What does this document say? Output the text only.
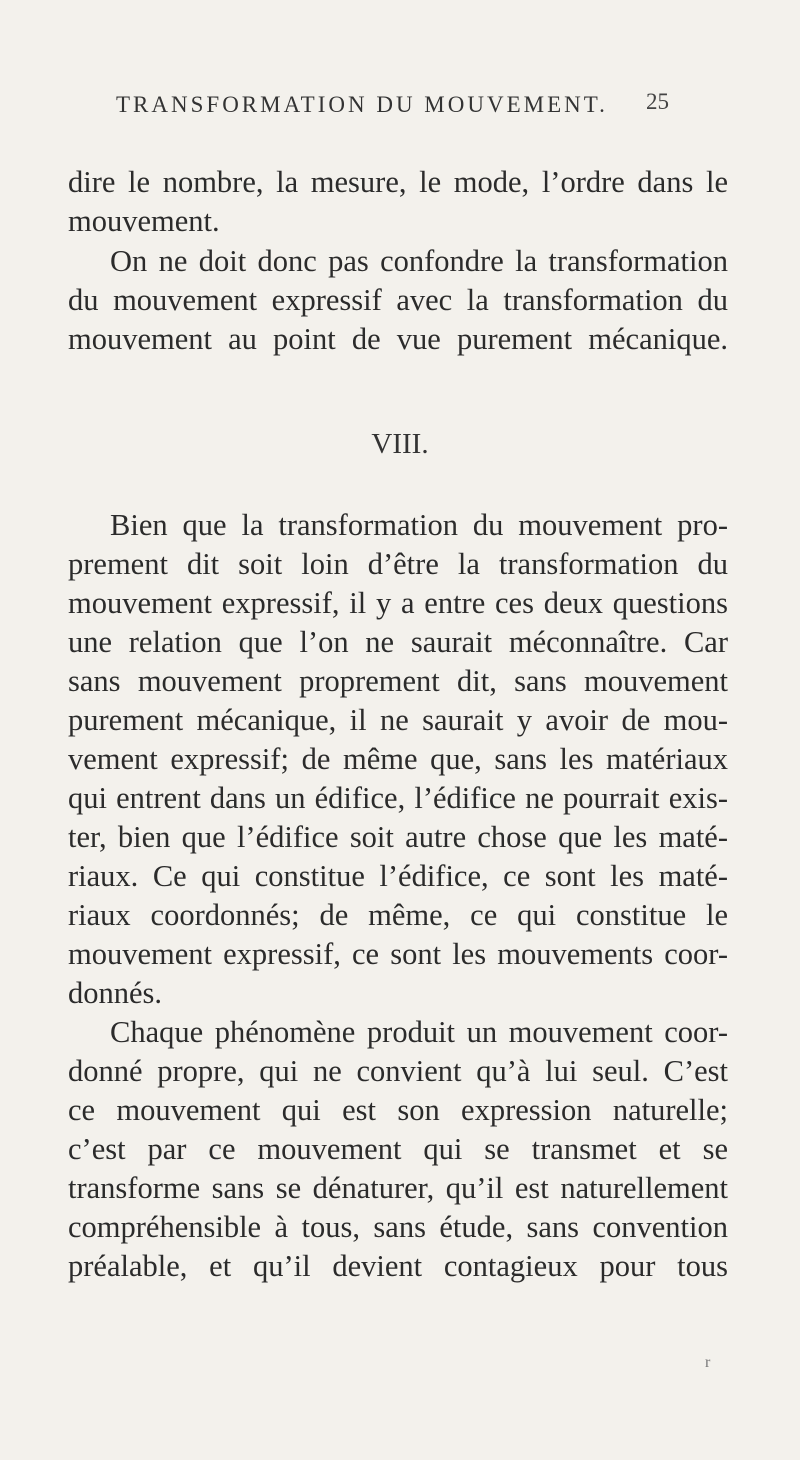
TRANSFORMATION DU MOUVEMENT. 25
dire le nombre, la mesure, le mode, l’ordre dans le
mouvement.
On ne doit donc pas confondre la transformation
du mouvement expressif avec la transformation du
mouvement au point de vue purement mécanique.
VIII.
Bien que la transformation du mouvement pro-
prement dit soit loin d’être la transformation du
mouvement expressif, il y a entre ces deux questions
une relation que l’on ne saurait méconnaître. Car
sans mouvement proprement dit, sans mouvement
purement mécanique, il ne saurait y avoir de mou-
vement expressif; de même que, sans les matériaux
qui entrent dans un édifice, l’édifice ne pourrait exis-
ter, bien que l’édifice soit autre chose que les maté-
riaux. Ce qui constitue l’édifice, ce sont les maté-
riaux coordonnés; de même, ce qui constitue le
mouvement expressif, ce sont les mouvements coor-
donnés.
Chaque phénomène produit un mouvement coor-
donné propre, qui ne convient qu’à lui seul. C’est
ce mouvement qui est son expression naturelle;
c’est par ce mouvement qui se transmet et se
transforme sans se dénaturer, qu’il est naturellement
compréhensible à tous, sans étude, sans convention
préalable, et qu’il devient contagieux pour tous
r
